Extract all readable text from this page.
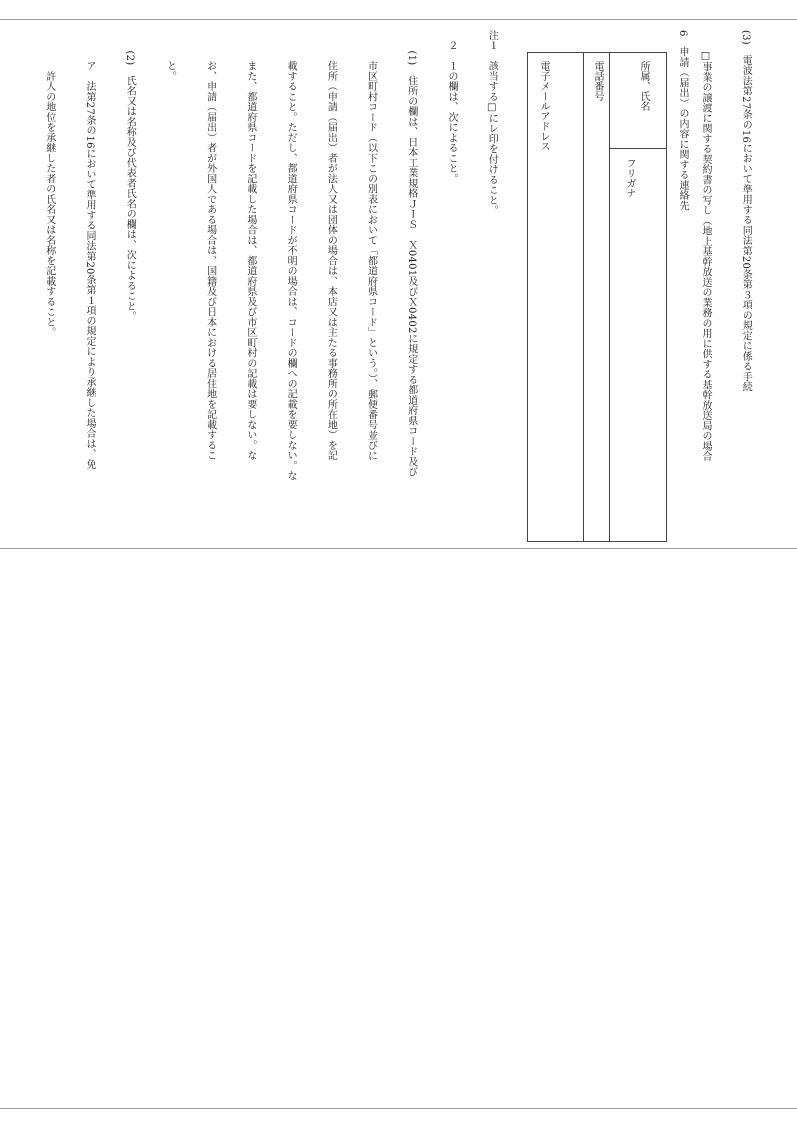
(3)　電波法第27条の16において準用する同法第20条第３項の規定に係る手続

　　□事業の譲渡に関する契約書の写し（地上基幹放送の業務の用に供する基幹放送局の場合

6　申請（届出）の内容に関する連絡先
所属、氏名
フリガナ
電話番号
電子メールアドレス

注１　該当する□にレ印を付けること。

　２　１の欄は、次によること。

　　(1)　住所の欄は、日本工業規格ＪＩＳ　Ｘ0401及びＸ0402に規定する都道府県コード及び

　　　市区町村コード（以下この別表において「都道府県コード」という。）、郵便番号並びに

　　　住所（申請（届出）者が法人又は団体の場合は、本店又は主たる事務所の所在地）を記

　　　載すること。ただし、都道府県コードが不明の場合は、コードの欄への記載を要しない。な

　　　また、都道府県コードを記載した場合は、都道府県及び市区町村の記載は要しない。な

　　　お、申請（届出）者が外国人である場合は、国籍及び日本における居住地を記載するこ

　　　と。

　　(2)　氏名又は名称及び代表者氏名の欄は、次によること。

　　　ア　法第27条の16において準用する同法第20条第１項の規定により承継した場合は、免

　　　　許人の地位を承継した者の氏名又は名称を記載すること。
